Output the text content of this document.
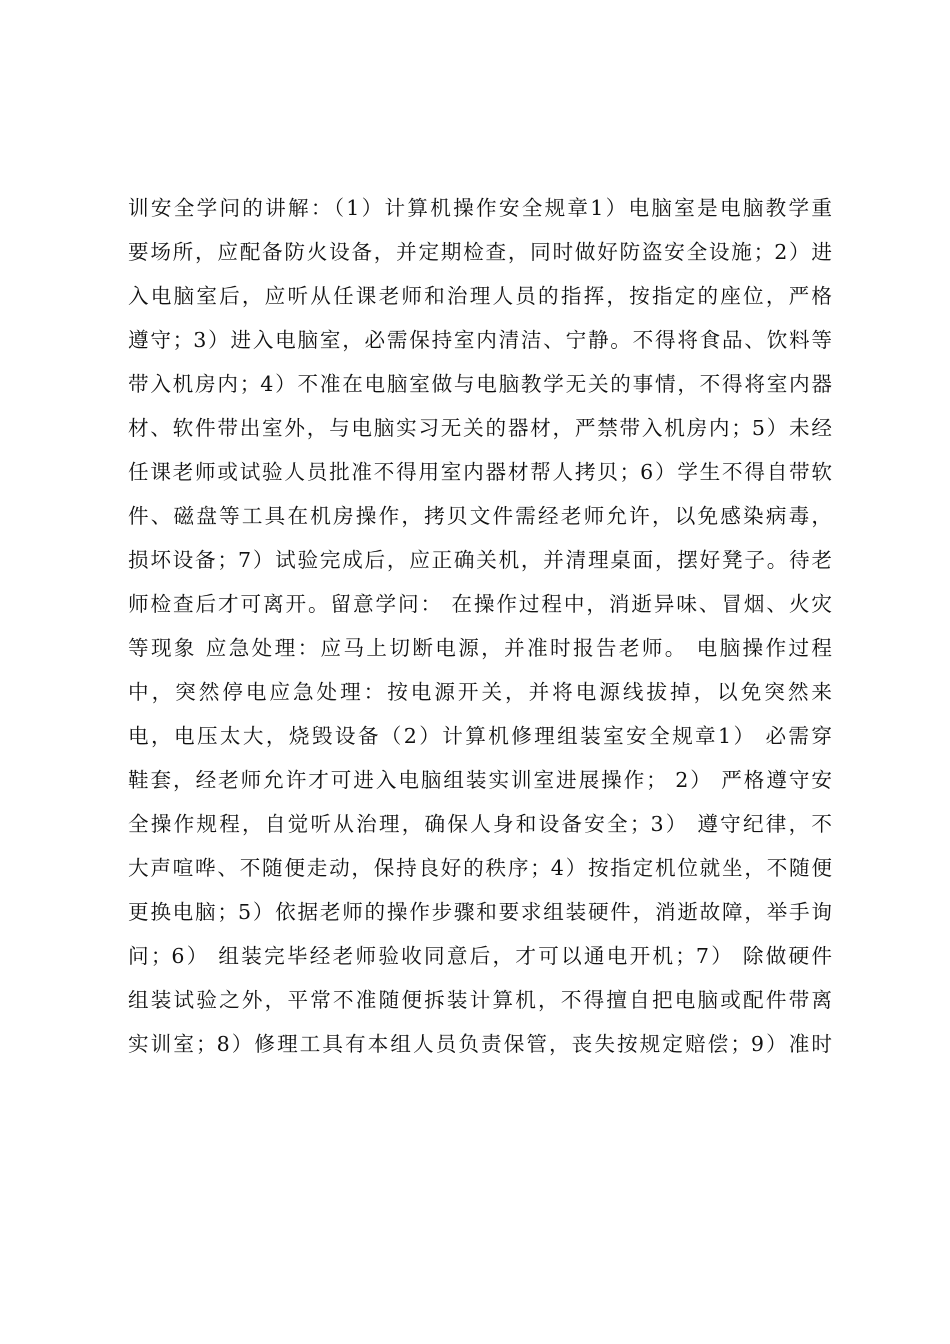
训安全学问的讲解：（1）计算机操作安全规章1）电脑室是电脑教学重
要场所，应配备防火设备，并定期检查，同时做好防盗安全设施；2）进
入电脑室后，应听从任课老师和治理人员的指挥，按指定的座位，严格
遵守；3）进入电脑室，必需保持室内清洁、宁静。不得将食品、饮料等
带入机房内；4）不准在电脑室做与电脑教学无关的事情，不得将室内器
材、软件带出室外，与电脑实习无关的器材，严禁带入机房内；5）未经
任课老师或试验人员批准不得用室内器材帮人拷贝；6）学生不得自带软
件、磁盘等工具在机房操作，拷贝文件需经老师允许，以免感染病毒，
损坏设备；7）试验完成后，应正确关机，并清理桌面，摆好凳子。待老
师检查后才可离开。留意学问： 在操作过程中，消逝异味、冒烟、火灾
等现象 应急处理：应马上切断电源，并准时报告老师。 电脑操作过程
中，突然停电应急处理：按电源开关，并将电源线拔掉，以免突然来
电，电压太大，烧毁设备（2）计算机修理组装室安全规章1） 必需穿
鞋套，经老师允许才可进入电脑组装实训室进展操作； 2） 严格遵守安
全操作规程，自觉听从治理，确保人身和设备安全；3） 遵守纪律，不
大声喧哗、不随便走动，保持良好的秩序；4）按指定机位就坐，不随便
更换电脑；5）依据老师的操作步骤和要求组装硬件，消逝故障，举手询
问；6） 组装完毕经老师验收同意后，才可以通电开机；7） 除做硬件
组装试验之外，平常不准随便拆装计算机，不得擅自把电脑或配件带离
实训室；8）修理工具有本组人员负责保管，丧失按规定赔偿；9）准时
